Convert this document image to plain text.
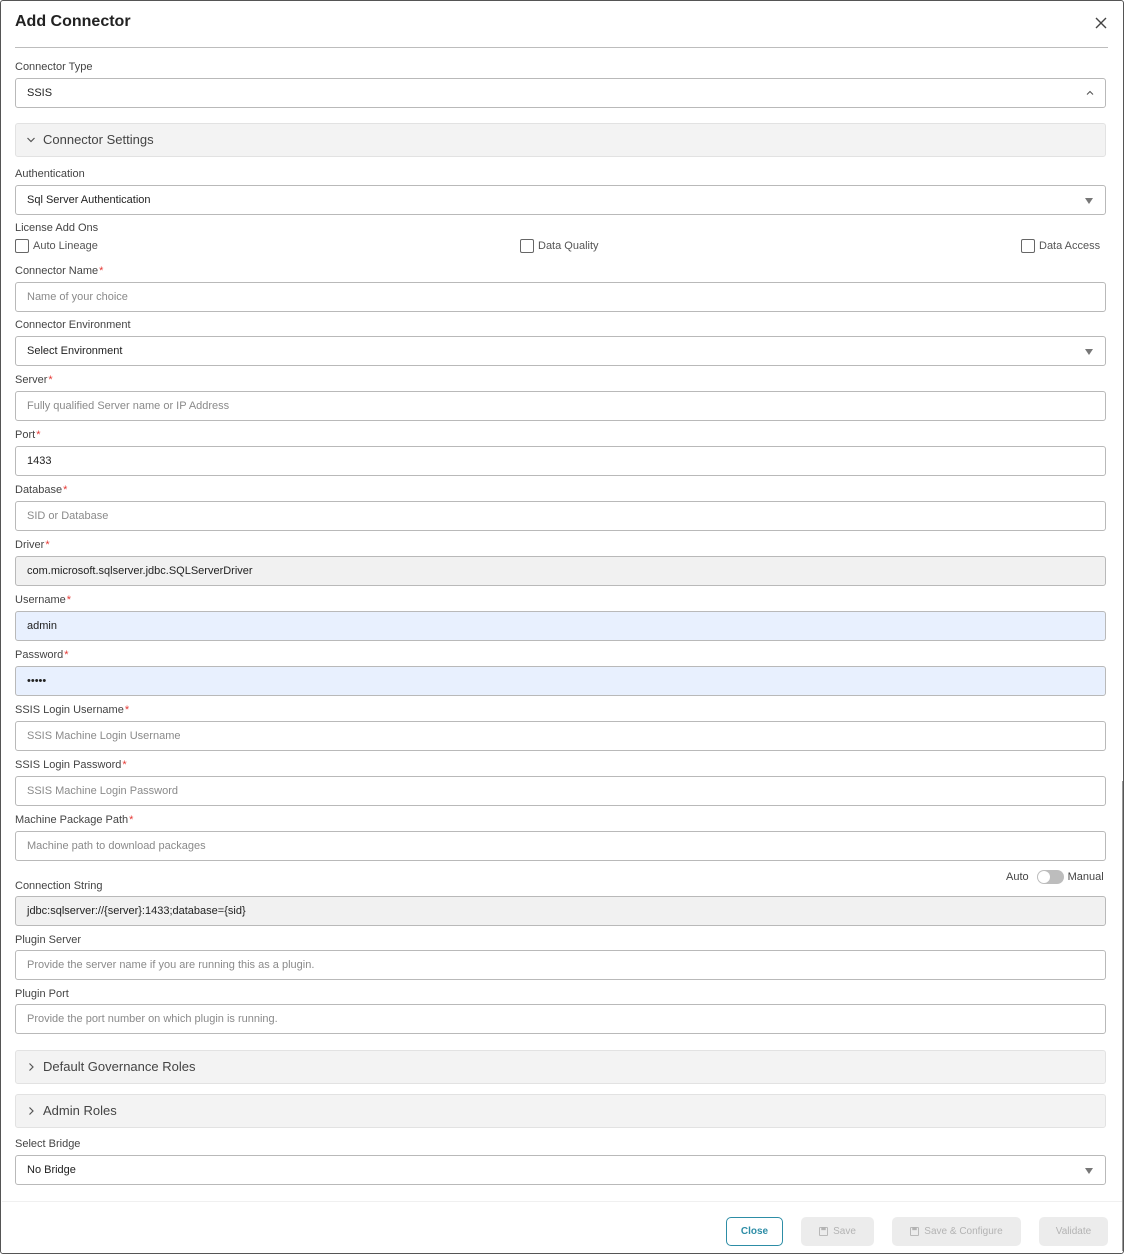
Add Connector
Connector Type
SSIS
Connector Settings
Authentication
Sql Server Authentication
License Add Ons
Auto Lineage	Data Quality	Data Access
Connector Name*
Name of your choice
Connector Environment
Select Environment
Server*
Fully qualified Server name or IP Address
Port*
1433
Database*
SID or Database
Driver*
com.microsoft.sqlserver.jdbc.SQLServerDriver
Username*
admin
Password*
•••••
SSIS Login Username*
SSIS Machine Login Username
SSIS Login Password*
SSIS Machine Login Password
Machine Package Path*
Machine path to download packages
Connection String
Auto	Manual
jdbc:sqlserver://{server}:1433;database={sid}
Plugin Server
Provide the server name if you are running this as a plugin.
Plugin Port
Provide the port number on which plugin is running.
Default Governance Roles
Admin Roles
Select Bridge
No Bridge
Close	Save	Save & Configure	Validate
